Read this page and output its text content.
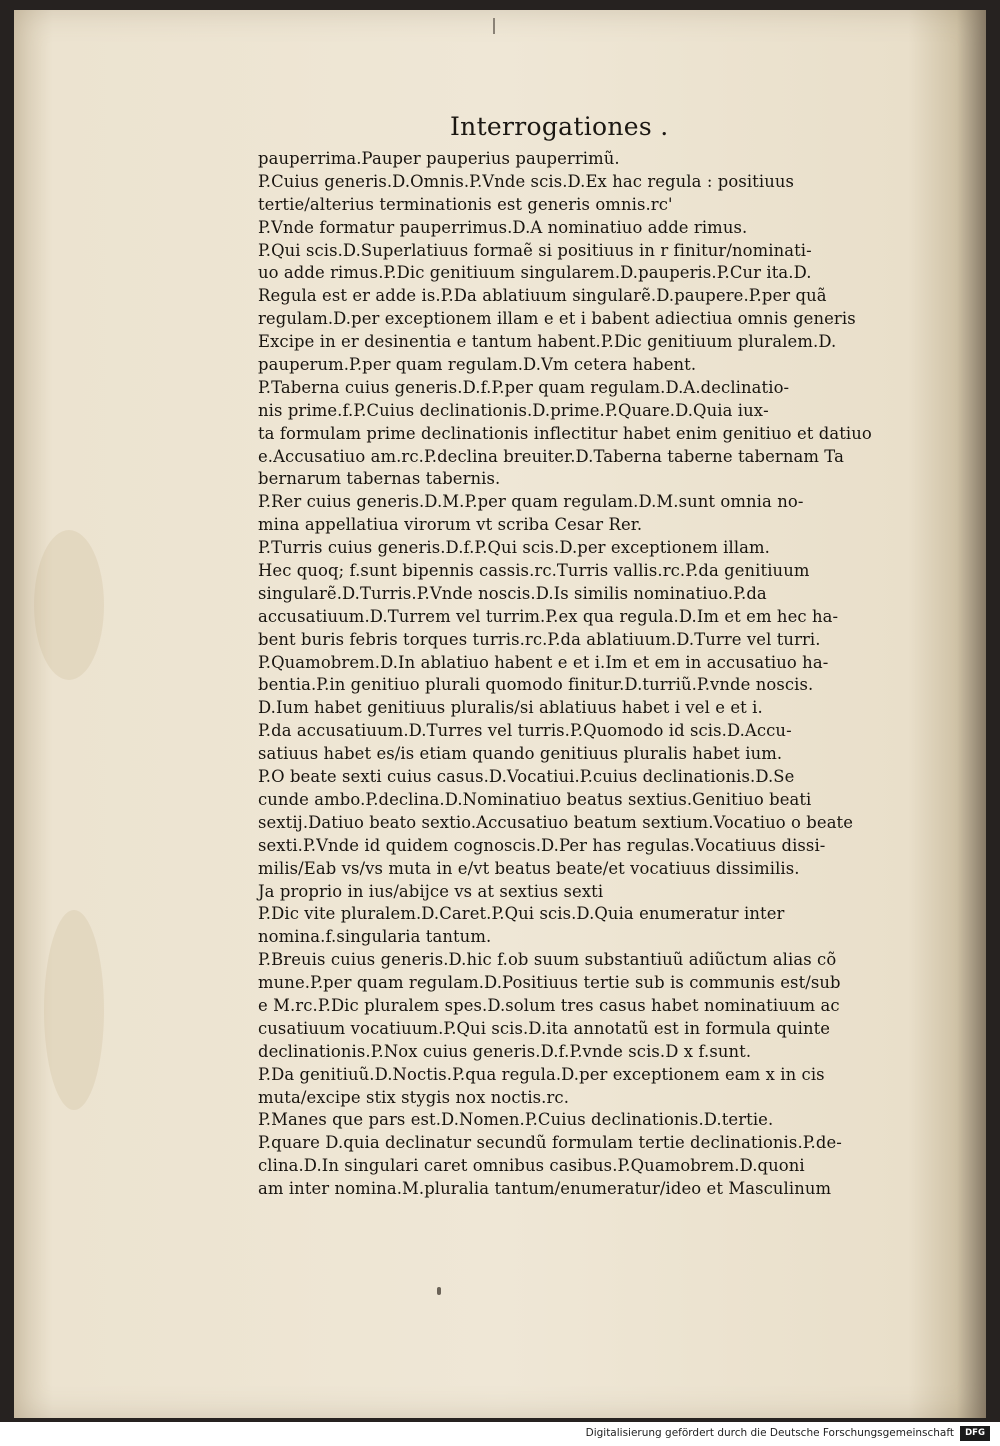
Interrogationes .
pauperrima.Pauper pauperius pauperrimũ.
P.Cuius generis.D.Omnis.P.Vnde scis.D.Ex hac regula : positiuus
tertie/alterius terminationis est generis omnis.rc'
P.Vnde formatur pauperrimus.D.A nominatiuo adde rimus.
P.Qui scis.D.Superlatiuus formaẽ si positiuus in r finitur/nominati‑
uo adde rimus.P.Dic genitiuum singularem.D.pauperis.P.Cur ita.D.
Regula est er adde is.P.Da ablatiuum singularẽ.D.paupere.P.per quã
regulam.D.per exceptionem illam e et i babent adiectiua omnis generis
Excipe in er desinentia e tantum habent.P.Dic genitiuum pluralem.D.
pauperum.P.per quam regulam.D.Vm cetera habent.
P.Taberna cuius generis.D.f.P.per quam regulam.D.A.declinatio‑
nis prime.f.P.Cuius declinationis.D.prime.P.Quare.D.Quia iux‑
ta formulam prime declinationis inflectitur habet enim genitiuo et datiuo
e.Accusatiuo am.rc.P.declina breuiter.D.Taberna taberne tabernam Ta
bernarum tabernas tabernis.
P.Rer cuius generis.D.M.P.per quam regulam.D.M.sunt omnia no‑
mina appellatiua virorum vt scriba Cesar Rer.
P.Turris cuius generis.D.f.P.Qui scis.D.per exceptionem illam.
Hec quoq; f.sunt bipennis cassis.rc.Turris vallis.rc.P.da genitiuum
singularẽ.D.Turris.P.Vnde noscis.D.Is similis nominatiuo.P.da
accusatiuum.D.Turrem vel turrim.P.ex qua regula.D.Im et em hec ha‑
bent buris febris torques turris.rc.P.da ablatiuum.D.Turre vel turri.
P.Quamobrem.D.In ablatiuo habent e et i.Im et em in accusatiuo ha‑
bentia.P.in genitiuo plurali quomodo finitur.D.turriũ.P.vnde noscis.
D.Ium habet genitiuus pluralis/si ablatiuus habet i vel e et i.
P.da accusatiuum.D.Turres vel turris.P.Quomodo id scis.D.Accu‑
satiuus habet es/is etiam quando genitiuus pluralis habet ium.
P.O beate sexti cuius casus.D.Vocatiui.P.cuius declinationis.D.Se
cunde ambo.P.declina.D.Nominatiuo beatus sextius.Genitiuo beati
sextij.Datiuo beato sextio.Accusatiuo beatum sextium.Vocatiuo o beate
sexti.P.Vnde id quidem cognoscis.D.Per has regulas.Vocatiuus dissi‑
milis/Eab vs/vs muta in e/vt beatus beate/et vocatiuus dissimilis.
Ja proprio in ius/abijce vs at sextius sexti
P.Dic vite pluralem.D.Caret.P.Qui scis.D.Quia enumeratur inter
nomina.f.singularia tantum.
P.Breuis cuius generis.D.hic f.ob suum substantiuũ adiũctum alias cõ
mune.P.per quam regulam.D.Positiuus tertie sub is communis est/sub
e M.rc.P.Dic pluralem spes.D.solum tres casus habet nominatiuum ac
cusatiuum vocatiuum.P.Qui scis.D.ita annotatũ est in formula quinte
declinationis.P.Nox cuius generis.D.f.P.vnde scis.D x f.sunt.
P.Da genitiuũ.D.Noctis.P.qua regula.D.per exceptionem eam x in cis
muta/excipe stix stygis nox noctis.rc.
P.Manes que pars est.D.Nomen.P.Cuius declinationis.D.tertie.
P.quare D.quia declinatur secundũ formulam tertie declinationis.P.de‑
clina.D.In singulari caret omnibus casibus.P.Quamobrem.D.quoni
am inter nomina.M.pluralia tantum/enumeratur/ideo et Masculinum
Digitalisierung gefördert durch die Deutsche Forschungsgemeinschaft	DFG
